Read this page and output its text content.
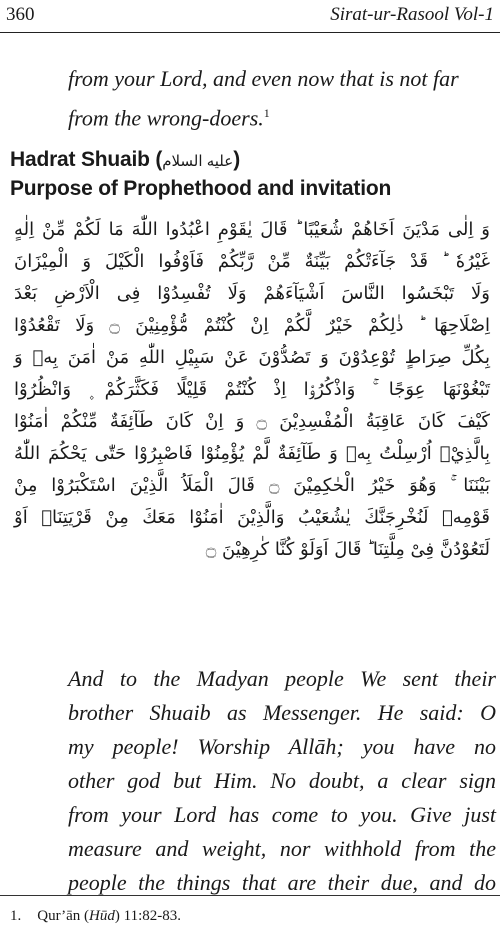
360	Sirat-ur-Rasool Vol-1
from your Lord, and even now that is not far
from the wrong-doers.$^1$
Hadrat Shuaib (عليه السلام)
Purpose of Prophethood and invitation
وَ اِلٰى مَدْيَنَ اَخَاهُمْ شُعَيْبًا ؕ قَالَ يٰقَوْمِ اعْبُدُوا اللّٰهَ مَا لَكُمْ مِّنْ اِلٰهٍ
غَيْرُهٗ ؕ قَدْ جَآءَتْكُمْ بَيِّنَةٌ مِّنْ رَّبِّكُمْ فَاَوْفُوا الْكَيْلَ وَ الْمِيْزَانَ
وَلَا تَبْخَسُوا النَّاسَ اَشْيَآءَهُمْ وَلَا تُفْسِدُوْا فِى الْاَرْضِ بَعْدَ
اِصْلَاحِهَا ؕ ذٰلِكُمْ خَيْرٌ لَّكُمْ اِنْ كُنْتُمْ مُّؤْمِنِيْنَ ۝ وَلَا تَقْعُدُوْا
بِكُلِّ صِرَاطٍ تُوْعِدُوْنَ وَ تَصُدُّوْنَ عَنْ سَبِيْلِ اللّٰهِ مَنْ اٰمَنَ بِهٖ وَ
تَبْغُوْنَهَا عِوَجًا ۚ وَاذْكُرُوْۤا اِذْ كُنْتُمْ قَلِيْلًا فَكَثَّرَكُمْ ۪ وَانْظُرُوْا
كَيْفَ كَانَ عَاقِبَةُ الْمُفْسِدِيْنَ ۝ وَ اِنْ كَانَ طَآئِفَةٌ مِّنْكُمْ اٰمَنُوْا
بِالَّذِيْۤ اُرْسِلْتُ بِهٖ وَ طَآئِفَةٌ لَّمْ يُؤْمِنُوْا فَاصْبِرُوْا حَتّٰى يَحْكُمَ اللّٰهُ
بَيْنَنَا ۚ وَهُوَ خَيْرُ الْحٰكِمِيْنَ ۝ قَالَ الْمَلَاُ الَّذِيْنَ اسْتَكْبَرُوْا مِنْ
قَوْمِهٖ لَنُخْرِجَنَّكَ يٰشُعَيْبُ وَالَّذِيْنَ اٰمَنُوْا مَعَكَ مِنْ قَرْيَتِنَاۤ اَوْ
لَتَعُوْدُنَّ فِىْ مِلَّتِنَا ؕ قَالَ اَوَلَوْ كُنَّا كٰرِهِيْنَ ۝
And to the Madyan people We sent their
brother Shuaib as Messenger. He said: O
my people! Worship Allāh; you have no
other god but Him. No doubt, a clear sign
from your Lord has come to you. Give just
measure and weight, nor withhold from the
people the things that are their due, and do
1. Qur’ān (Hūd) 11:82-83.
